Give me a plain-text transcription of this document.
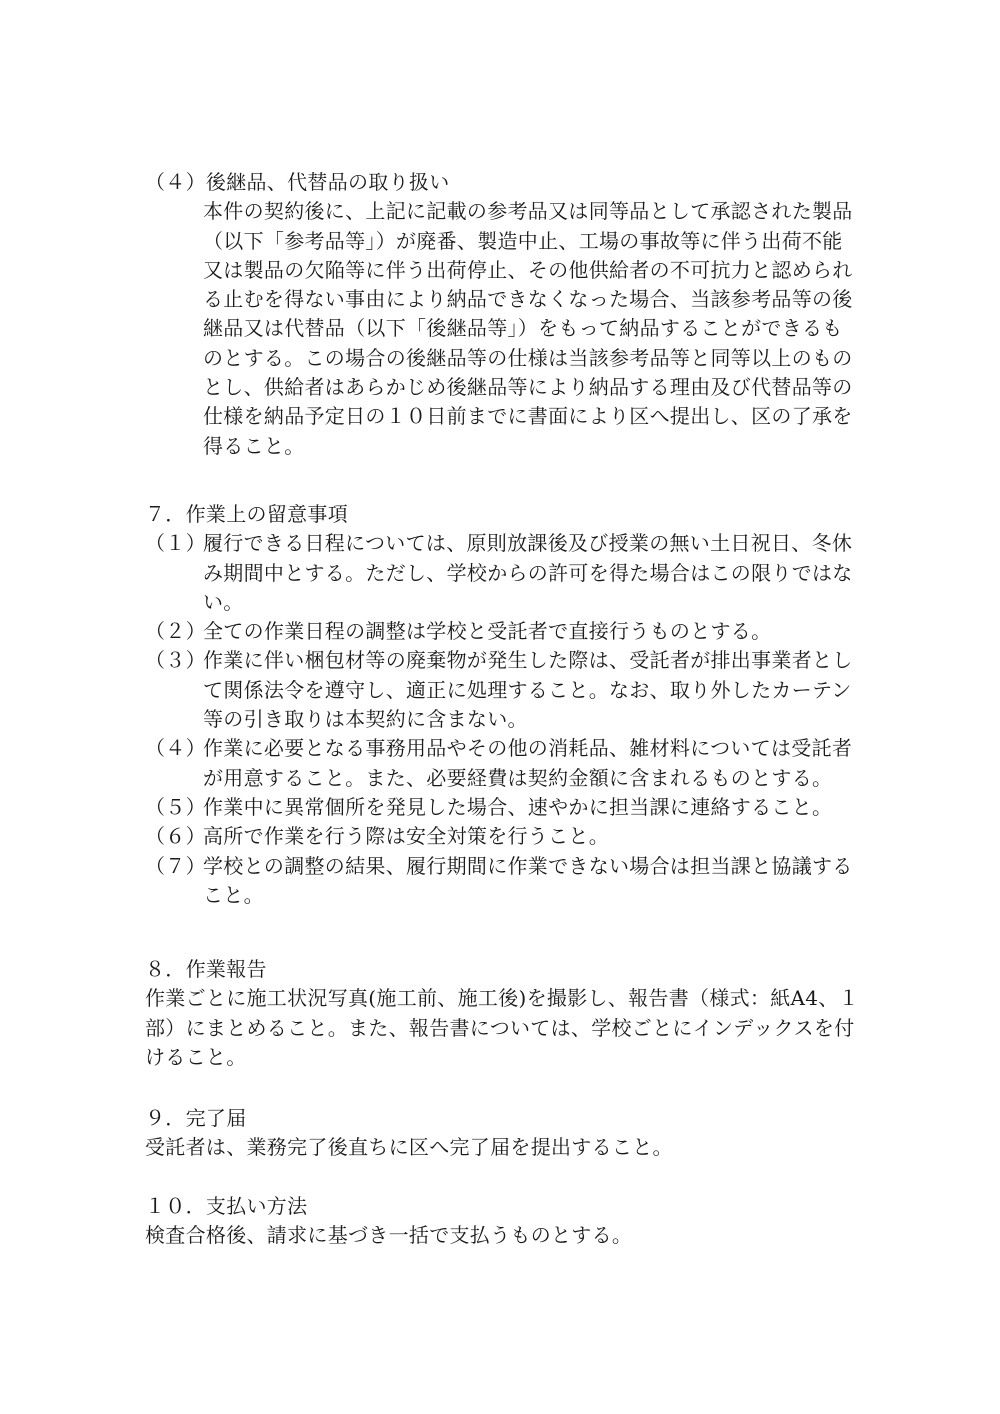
（４）後継品、代替品の取り扱い
本件の契約後に、上記に記載の参考品又は同等品として承認された製品
（以下「参考品等」）が廃番、製造中止、工場の事故等に伴う出荷不能
又は製品の欠陥等に伴う出荷停止、その他供給者の不可抗力と認められ
る止むを得ない事由により納品できなくなった場合、当該参考品等の後
継品又は代替品（以下「後継品等」）をもって納品することができるも
のとする。この場合の後継品等の仕様は当該参考品等と同等以上のもの
とし、供給者はあらかじめ後継品等により納品する理由及び代替品等の
仕様を納品予定日の１０日前までに書面により区へ提出し、区の了承を
得ること。
７．作業上の留意事項
（１）履行できる日程については、原則放課後及び授業の無い土日祝日、冬休
み期間中とする。ただし、学校からの許可を得た場合はこの限りではな
い。
（２）全ての作業日程の調整は学校と受託者で直接行うものとする。
（３）作業に伴い梱包材等の廃棄物が発生した際は、受託者が排出事業者とし
て関係法令を遵守し、適正に処理すること。なお、取り外したカーテン
等の引き取りは本契約に含まない。
（４）作業に必要となる事務用品やその他の消耗品、雑材料については受託者
が用意すること。また、必要経費は契約金額に含まれるものとする。
（５）作業中に異常個所を発見した場合、速やかに担当課に連絡すること。
（６）高所で作業を行う際は安全対策を行うこと。
（７）学校との調整の結果、履行期間に作業できない場合は担当課と協議する
こと。
８．作業報告
作業ごとに施工状況写真(施工前、施工後)を撮影し、報告書（様式：紙A4、１
部）にまとめること。また、報告書については、学校ごとにインデックスを付
けること。
９．完了届
受託者は、業務完了後直ちに区へ完了届を提出すること。
１０．支払い方法
検査合格後、請求に基づき一括で支払うものとする。
